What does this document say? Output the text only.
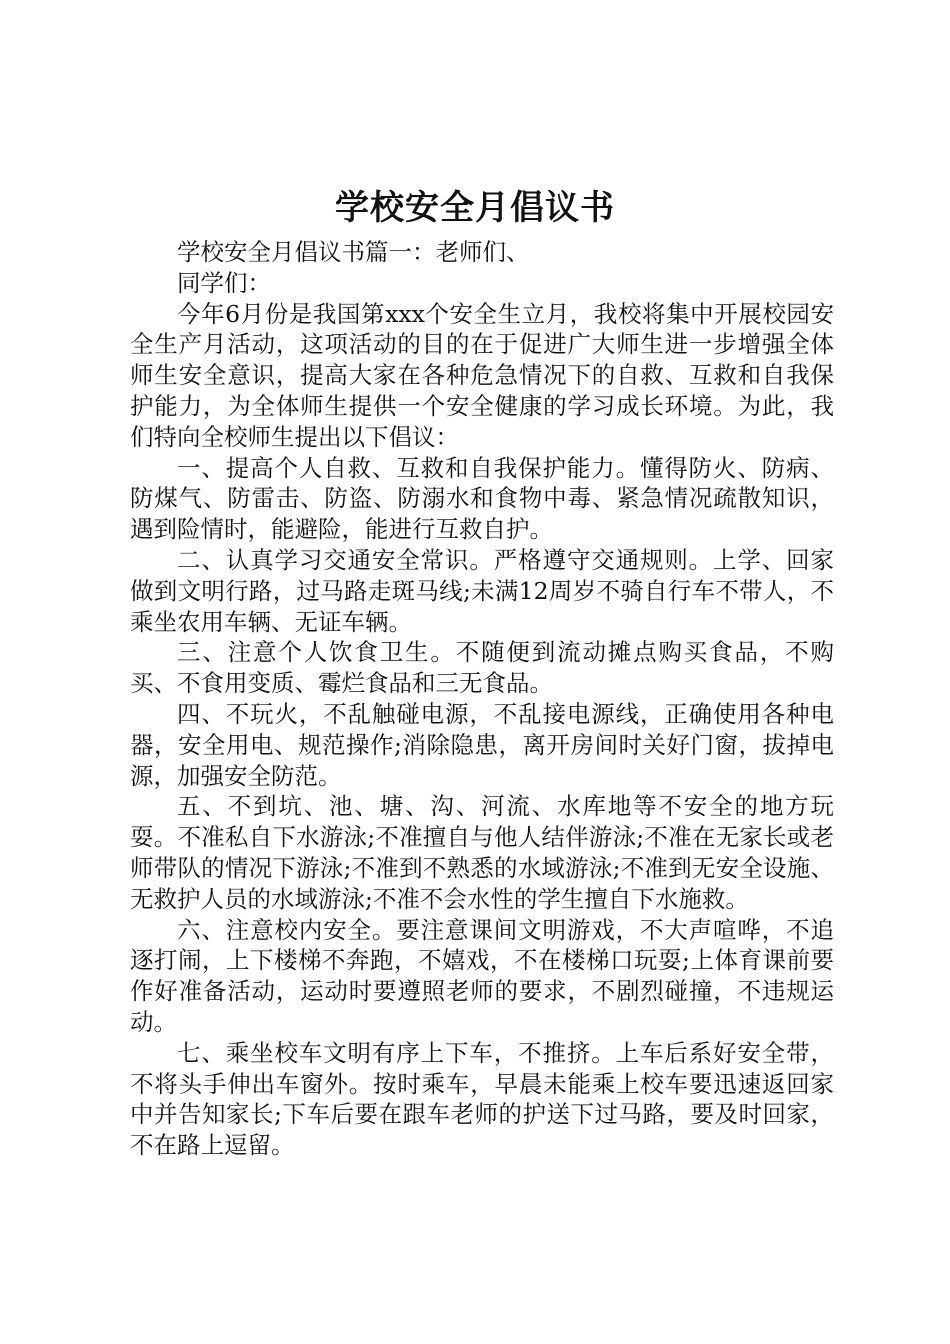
学校安全月倡议书

学校安全月倡议书篇一：老师们、

同学们：

今年6月份是我国第xxx个安全生立月，我校将集中开展校园安全生产月活动，这项活动的目的在于促进广大师生进一步增强全体师生安全意识，提高大家在各种危急情况下的自救、互救和自我保护能力，为全体师生提供一个安全健康的学习成长环境。为此，我们特向全校师生提出以下倡议：

一、提高个人自救、互救和自我保护能力。懂得防火、防病、防煤气、防雷击、防盗、防溺水和食物中毒、紧急情况疏散知识，遇到险情时，能避险，能进行互救自护。

二、认真学习交通安全常识。严格遵守交通规则。上学、回家做到文明行路，过马路走斑马线;未满12周岁不骑自行车不带人，不乘坐农用车辆、无证车辆。

三、注意个人饮食卫生。不随便到流动摊点购买食品，不购买、不食用变质、霉烂食品和三无食品。

四、不玩火，不乱触碰电源，不乱接电源线，正确使用各种电器，安全用电、规范操作;消除隐患，离开房间时关好门窗，拔掉电源，加强安全防范。

五、不到坑、池、塘、沟、河流、水库地等不安全的地方玩耍。不准私自下水游泳;不准擅自与他人结伴游泳;不准在无家长或老师带队的情况下游泳;不准到不熟悉的水域游泳;不准到无安全设施、无救护人员的水域游泳;不准不会水性的学生擅自下水施救。

六、注意校内安全。要注意课间文明游戏，不大声喧哗，不追逐打闹，上下楼梯不奔跑，不嬉戏，不在楼梯口玩耍;上体育课前要作好准备活动，运动时要遵照老师的要求，不剧烈碰撞，不违规运动。

七、乘坐校车文明有序上下车，不推挤。上车后系好安全带，不将头手伸出车窗外。按时乘车，早晨未能乘上校车要迅速返回家中并告知家长;下车后要在跟车老师的护送下过马路，要及时回家，不在路上逗留。
